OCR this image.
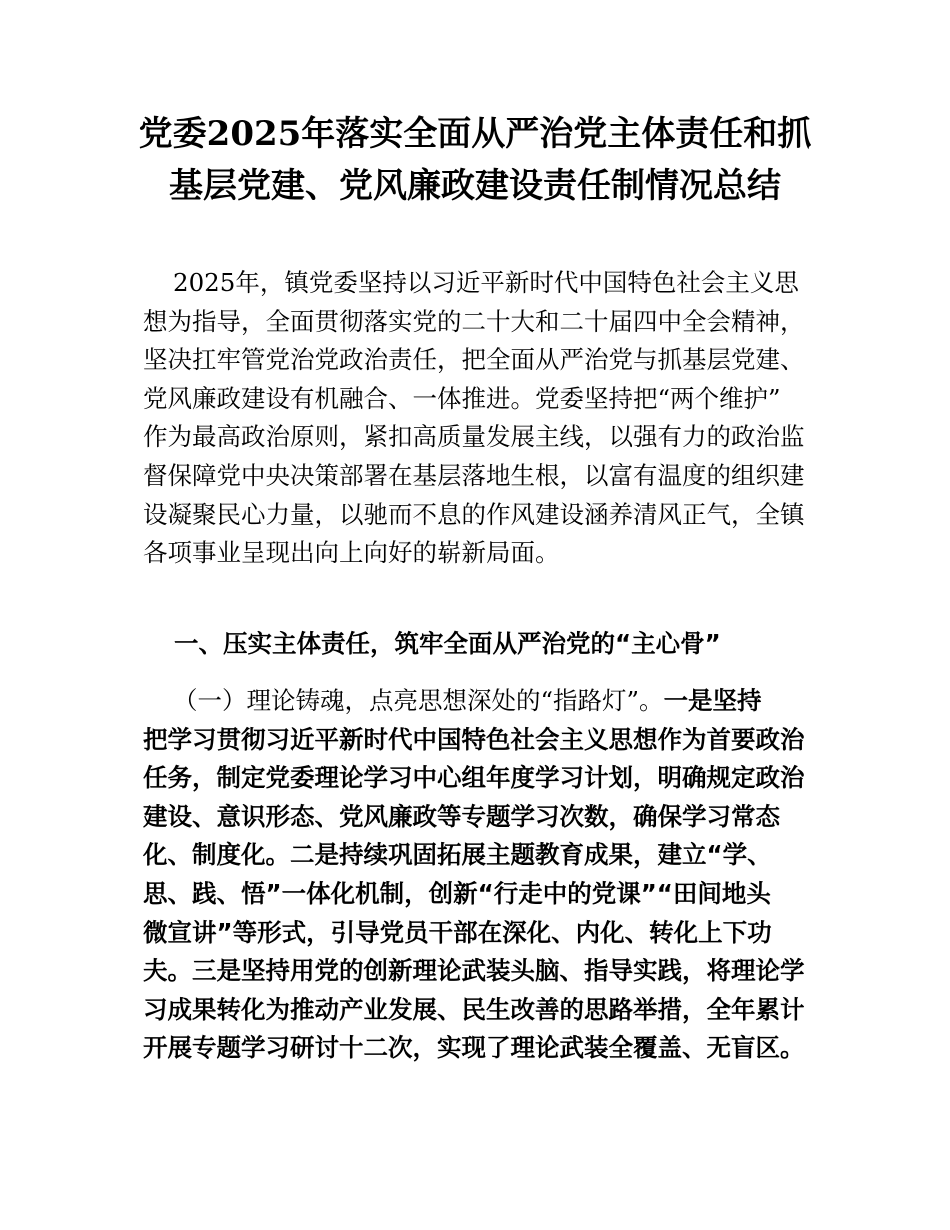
党委2025年落实全面从严治党主体责任和抓
基层党建、党风廉政建设责任制情况总结

2025年，镇党委坚持以习近平新时代中国特色社会主义思
想为指导，全面贯彻落实党的二十大和二十届四中全会精神，
坚决扛牢管党治党政治责任，把全面从严治党与抓基层党建、
党风廉政建设有机融合、一体推进。党委坚持把“两个维护”
作为最高政治原则，紧扣高质量发展主线，以强有力的政治监
督保障党中央决策部署在基层落地生根，以富有温度的组织建
设凝聚民心力量，以驰而不息的作风建设涵养清风正气，全镇
各项事业呈现出向上向好的崭新局面。

一、压实主体责任，筑牢全面从严治党的“主心骨”

（一）理论铸魂，点亮思想深处的“指路灯”。一是坚持
把学习贯彻习近平新时代中国特色社会主义思想作为首要政治
任务，制定党委理论学习中心组年度学习计划，明确规定政治
建设、意识形态、党风廉政等专题学习次数，确保学习常态
化、制度化。二是持续巩固拓展主题教育成果，建立“学、
思、践、悟”一体化机制，创新“行走中的党课”“田间地头
微宣讲”等形式，引导党员干部在深化、内化、转化上下功
夫。三是坚持用党的创新理论武装头脑、指导实践，将理论学
习成果转化为推动产业发展、民生改善的思路举措，全年累计
开展专题学习研讨十二次，实现了理论武装全覆盖、无盲区。
